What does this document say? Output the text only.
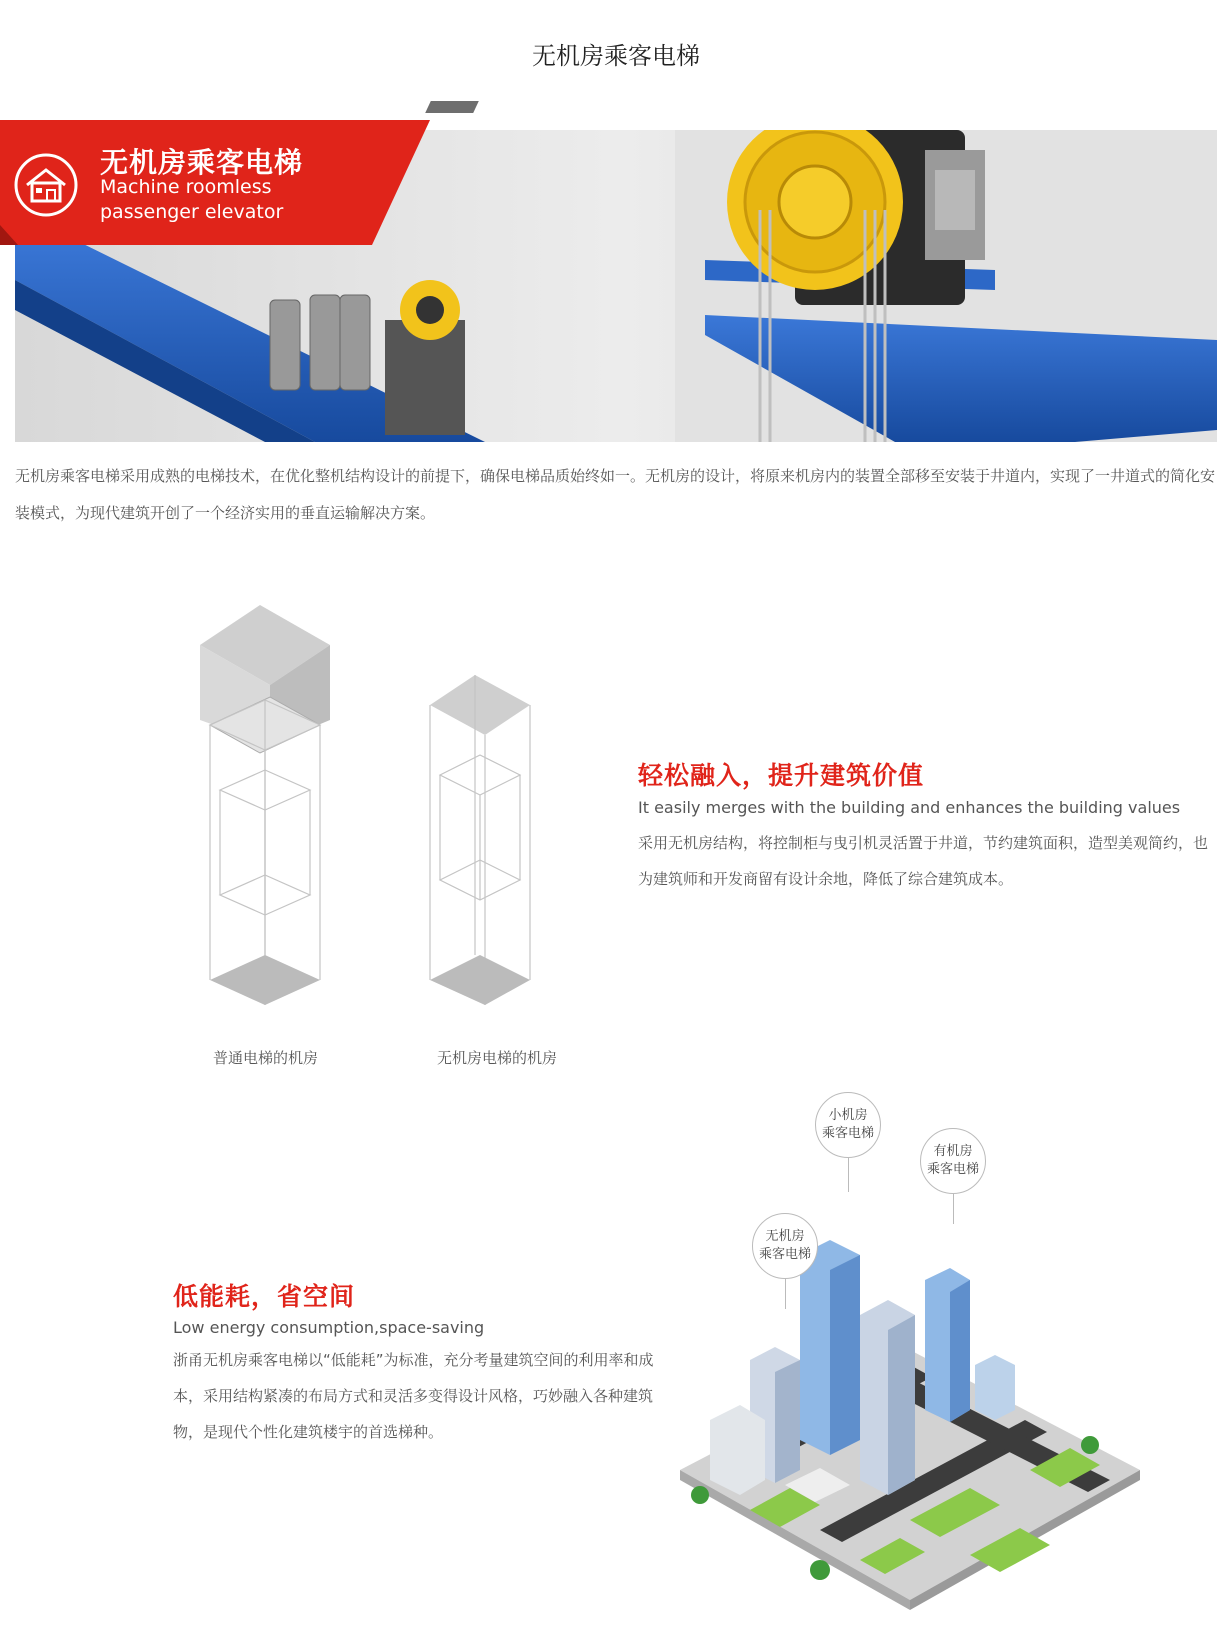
无机房乘客电梯
无机房乘客电梯
Machine roomless
passenger elevator
无机房乘客电梯采用成熟的电梯技术，在优化整机结构设计的前提下，确保电梯品质始终如一。无机房的设计，将原来机房内的装置全部移至安装于井道内，实现了一井道式的简化安装模式，为现代建筑开创了一个经济实用的垂直运输解决方案。
普通电梯的机房	无机房电梯的机房
轻松融入，提升建筑价值
It easily merges with the building and enhances the building values
采用无机房结构，将控制柜与曳引机灵活置于井道，节约建筑面积，造型美观简约，也为建筑师和开发商留有设计余地，降低了综合建筑成本。
低能耗，省空间
Low energy consumption,space-saving
浙甬无机房乘客电梯以“低能耗”为标准，充分考量建筑空间的利用率和成本，采用结构紧凑的布局方式和灵活多变得设计风格，巧妙融入各种建筑物，是现代个性化建筑楼宇的首选梯种。
小机房
乘客电梯
有机房
乘客电梯
无机房
乘客电梯
